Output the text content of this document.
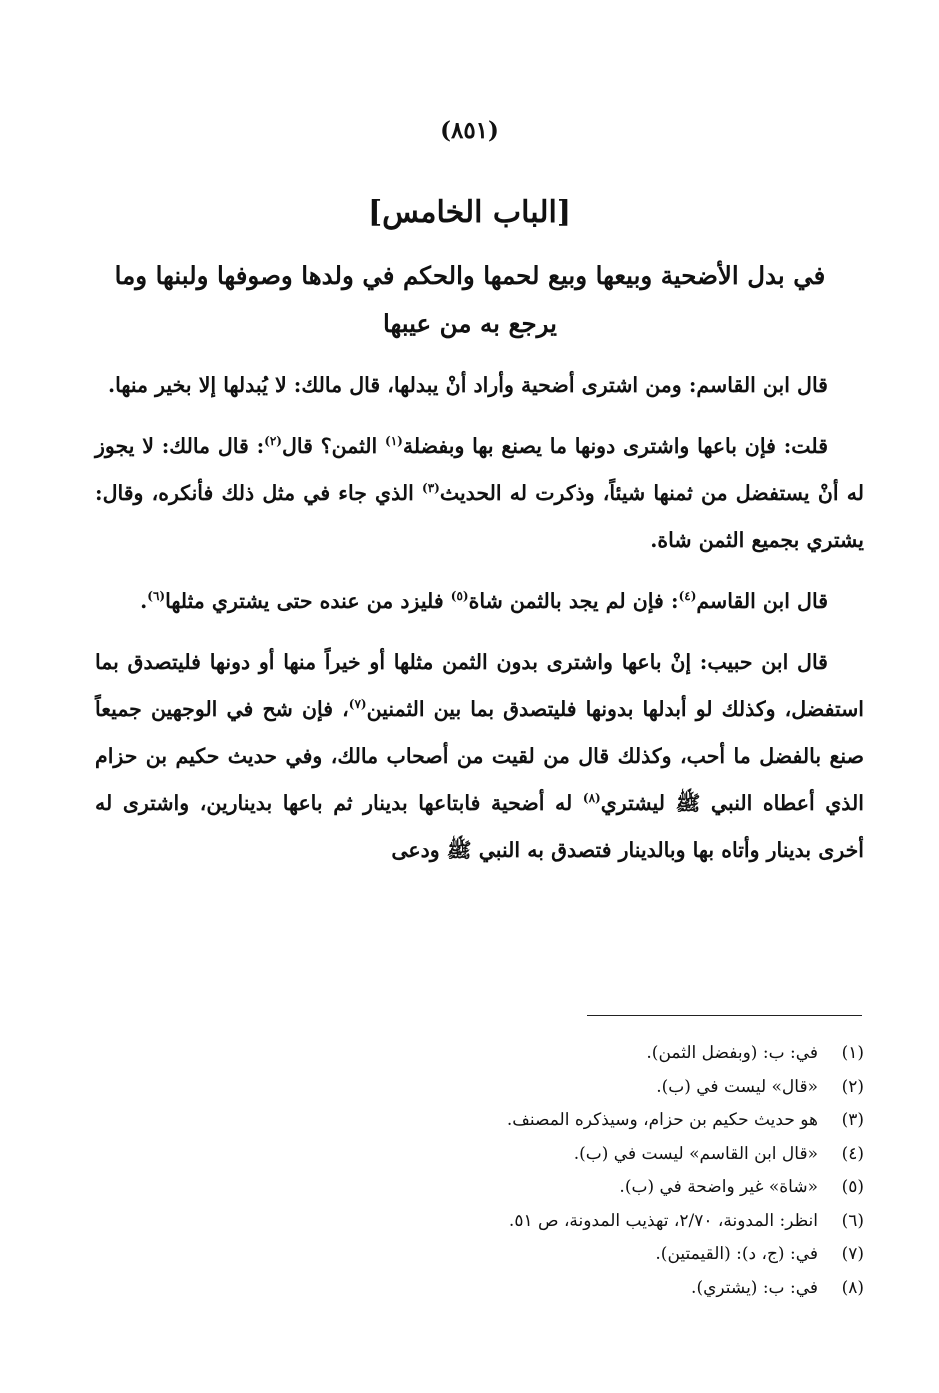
(٨٥١)
[الباب الخامس]
في بدل الأضحية وبيعها وبيع لحمها والحكم في ولدها وصوفها ولبنها وما يرجع به من عيبها

قال ابن القاسم: ومن اشترى أضحية وأراد أنْ يبدلها، قال مالك: لا يُبدلها إلا بخير منها.

قلت: فإن باعها واشترى دونها ما يصنع بها وبفضلة$^{(١)}$ الثمن؟ قال$^{(٢)}$: قال مالك: لا يجوز له أنْ يستفضل من ثمنها شيئاً، وذكرت له الحديث$^{(٣)}$ الذي جاء في مثل ذلك فأنكره، وقال: يشتري بجميع الثمن شاة.

قال ابن القاسم$^{(٤)}$: فإن لم يجد بالثمن شاة$^{(٥)}$ فليزد من عنده حتى يشتري مثلها$^{(٦)}$.

قال ابن حبيب: إنْ باعها واشترى بدون الثمن مثلها أو خيراً منها أو دونها فليتصدق بما استفضل، وكذلك لو أبدلها بدونها فليتصدق بما بين الثمنين$^{(٧)}$، فإن شح في الوجهين جميعاً صنع بالفضل ما أحب، وكذلك قال من لقيت من أصحاب مالك، وفي حديث حكيم بن حزام الذي أعطاه النبي ﷺ ليشتري$^{(٨)}$ له أضحية فابتاعها بدينار ثم باعها بدينارين، واشترى له أخرى بدينار وأتاه بها وبالدينار فتصدق به النبي ﷺ ودعى

(١)
في: ب: (وبفضل الثمن).
(٢)
«قال» ليست في (ب).
(٣)
هو حديث حكيم بن حزام، وسيذكره المصنف.
(٤)
«قال ابن القاسم» ليست في (ب).
(٥)
«شاة» غير واضحة في (ب).
(٦)
انظر: المدونة، ٢/٧٠، تهذيب المدونة، ص ٥١.
(٧)
في: (ج، د): (القيمتين).
(٨)
في: ب: (يشتري).
